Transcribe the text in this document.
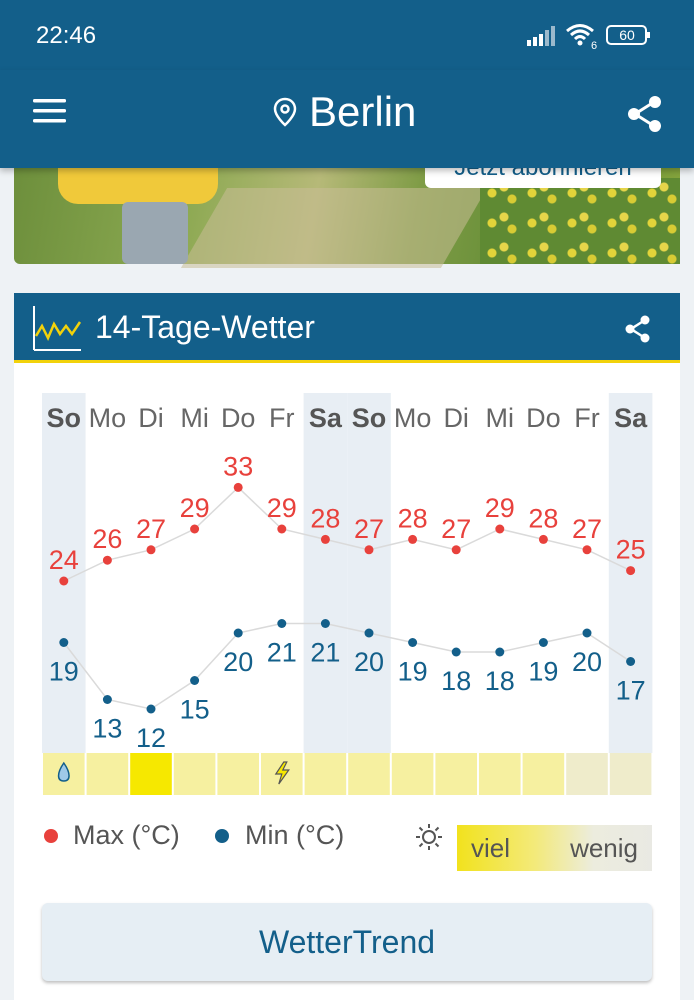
22:46	6
60
Berlin
14-Tage-Wetter
So Mo Di Mi Do Fr Sa So Mo Di Mi Do Fr Sa
24
26 27
29
33
29 28 27 28 27
29 28 27
25
19
13 12
15
20 21 21 20 19 18 18 19 20
17
Max (°C) Min (°C)	viel wenig
WetterTrend
